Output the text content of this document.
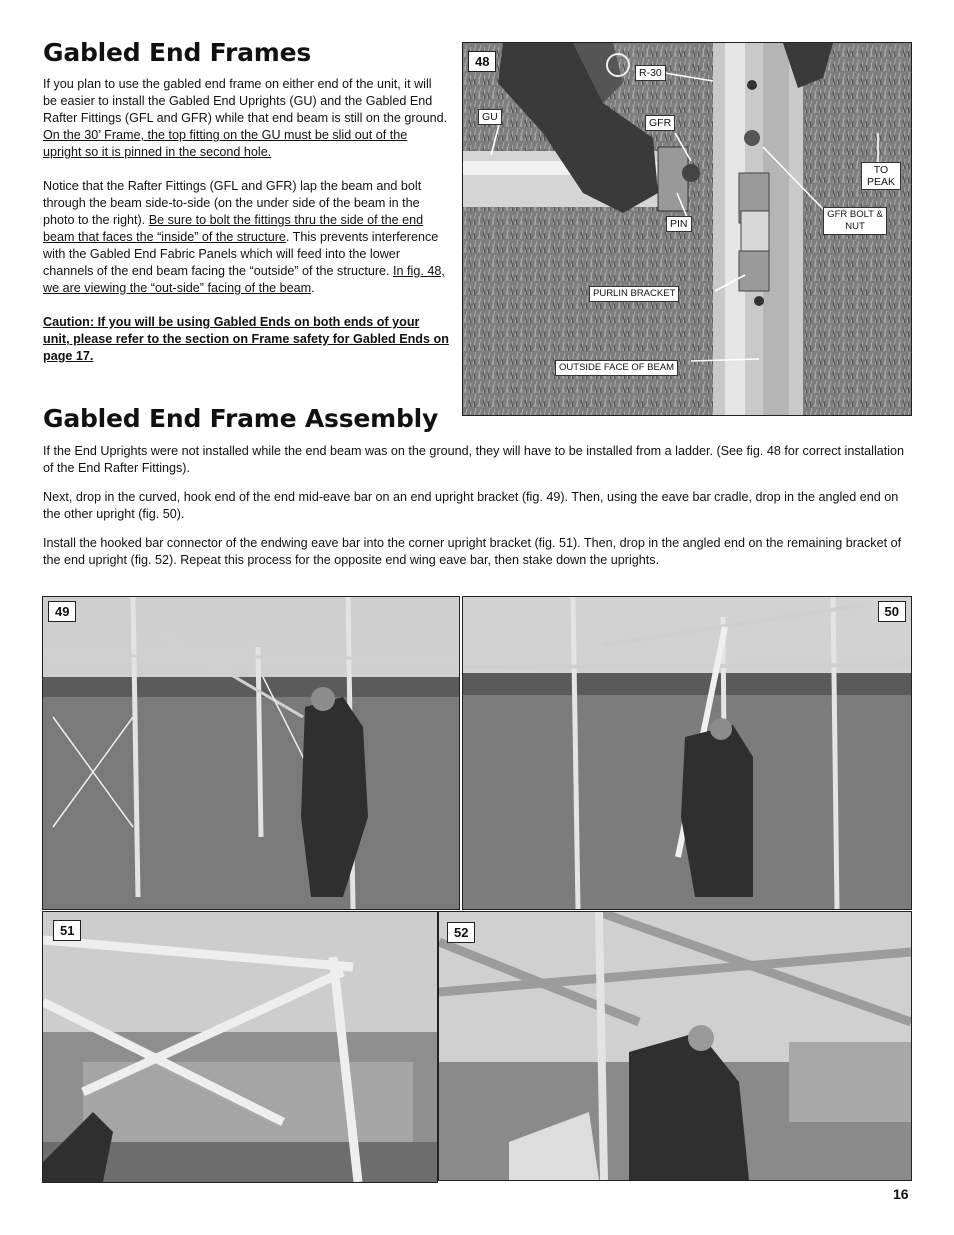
Gabled End Frames

If you plan to use the gabled end frame on either end of the unit, it will be easier to install the Gabled End Uprights (GU) and the Gabled End Rafter Fittings (GFL and GFR) while that end beam is still on the ground. On the 30’ Frame, the top fitting on the GU must be slid out of the upright so it is pinned in the second hole.

Notice that the Rafter Fittings (GFL and GFR) lap the beam and bolt through the beam side-to-side (on the under side of the beam in the photo to the right). Be sure to bolt the fittings thru the side of the end beam that faces the “inside” of the structure. This prevents interference with the Gabled End Fabric Panels which will feed into the lower channels of the end beam facing the “outside” of the structure. In fig. 48, we are viewing the “out-side” facing of the beam.

Caution: If you will be using Gabled Ends on both ends of your unit, please refer to the section on Frame safety for Gabled Ends on page 17.

48
R-30
GU	GFR
TO PEAK
PIN
GFR BOLT & NUT
PURLIN BRACKET
OUTSIDE FACE OF BEAM
Gabled End Frame Assembly

If the End Uprights were not installed while the end beam was on the ground, they will have to be installed from a ladder. (See fig. 48 for correct installation of the End Rafter Fittings).

Next, drop in the curved, hook end of the end mid-eave bar on an end upright bracket (fig. 49). Then, using the eave bar cradle, drop in the angled end on the other upright (fig. 50).

Install the hooked bar connector of the endwing eave bar into the corner upright bracket (fig. 51). Then, drop in the angled end on the remaining bracket of the end upright (fig. 52). Repeat this process for the opposite end wing eave bar, then stake down the uprights.

49	50
51	52
16
